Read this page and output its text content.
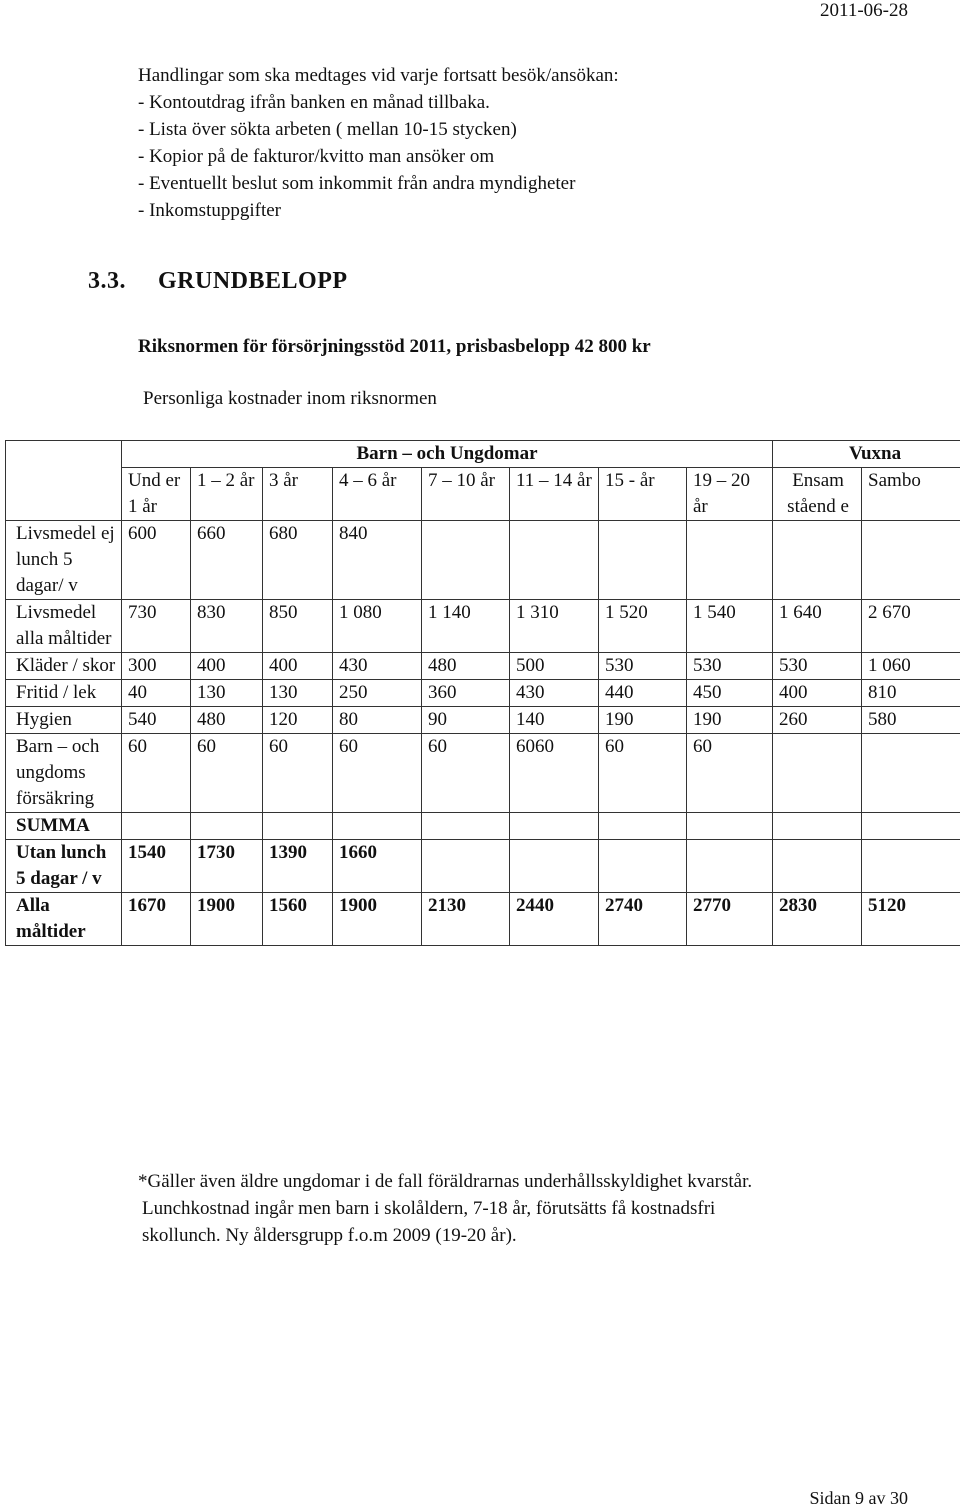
2011-06-28
Handlingar som ska medtages vid varje fortsatt besök/ansökan:
- Kontoutdrag ifrån banken en månad tillbaka.
- Lista över sökta arbeten ( mellan 10-15 stycken)
- Kopior på de fakturor/kvitto man ansöker om
- Eventuellt beslut som inkommit från andra myndigheter
- Inkomstuppgifter
3.3. GRUNDBELOPP
Riksnormen för försörjningsstöd 2011, prisbasbelopp 42 800 kr
Personliga kostnader inom riksnormen
	Barn – och Ungdomar								Vuxna	
	Und er 1 år	1 – 2 år	3 år	4 – 6 år	7 – 10 år	11 – 14 år	15 - år	19 – 20 år	Ensam ståend e	Sambo
Livsmedel ej lunch 5 dagar/ v	600	660	680	840						
Livsmedel alla måltider	730	830	850	1 080	1 140	1 310	1 520	1 540	1 640	2 670
Kläder / skor	300	400	400	430	480	500	530	530	530	1 060
Fritid / lek	40	130	130	250	360	430	440	450	400	810
Hygien	540	480	120	80	90	140	190	190	260	580
Barn – och ungdoms försäkring	60	60	60	60	60	6060	60	60		
SUMMA										
Utan lunch 5 dagar / v	1540	1730	1390	1660						
Alla måltider	1670	1900	1560	1900	2130	2440	2740	2770	2830	5120
*Gäller även äldre ungdomar i de fall föräldrarnas underhållsskyldighet kvarstår.
Lunchkostnad ingår men barn i skolåldern, 7-18 år, förutsätts få kostnadsfri
skollunch. Ny åldersgrupp f.o.m 2009 (19-20 år).
Sidan 9 av 30
